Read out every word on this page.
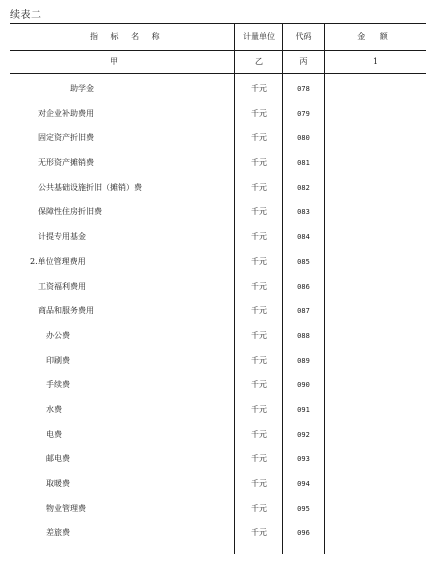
续表二
指 标 名 称	计量单位	代码	金 额
甲	乙	丙	1
助学金	千元	078
对企业补助费用	千元	079
固定资产折旧费	千元	080
无形资产摊销费	千元	081
公共基础设施折旧（摊销）费	千元	082
保障性住房折旧费	千元	083
计提专用基金	千元	084
2.单位管理费用	千元	085
工资福利费用	千元	086
商品和服务费用	千元	087
办公费	千元	088
印刷费	千元	089
手续费	千元	090
水费	千元	091
电费	千元	092
邮电费	千元	093
取暖费	千元	094
物业管理费	千元	095
差旅费	千元	096
